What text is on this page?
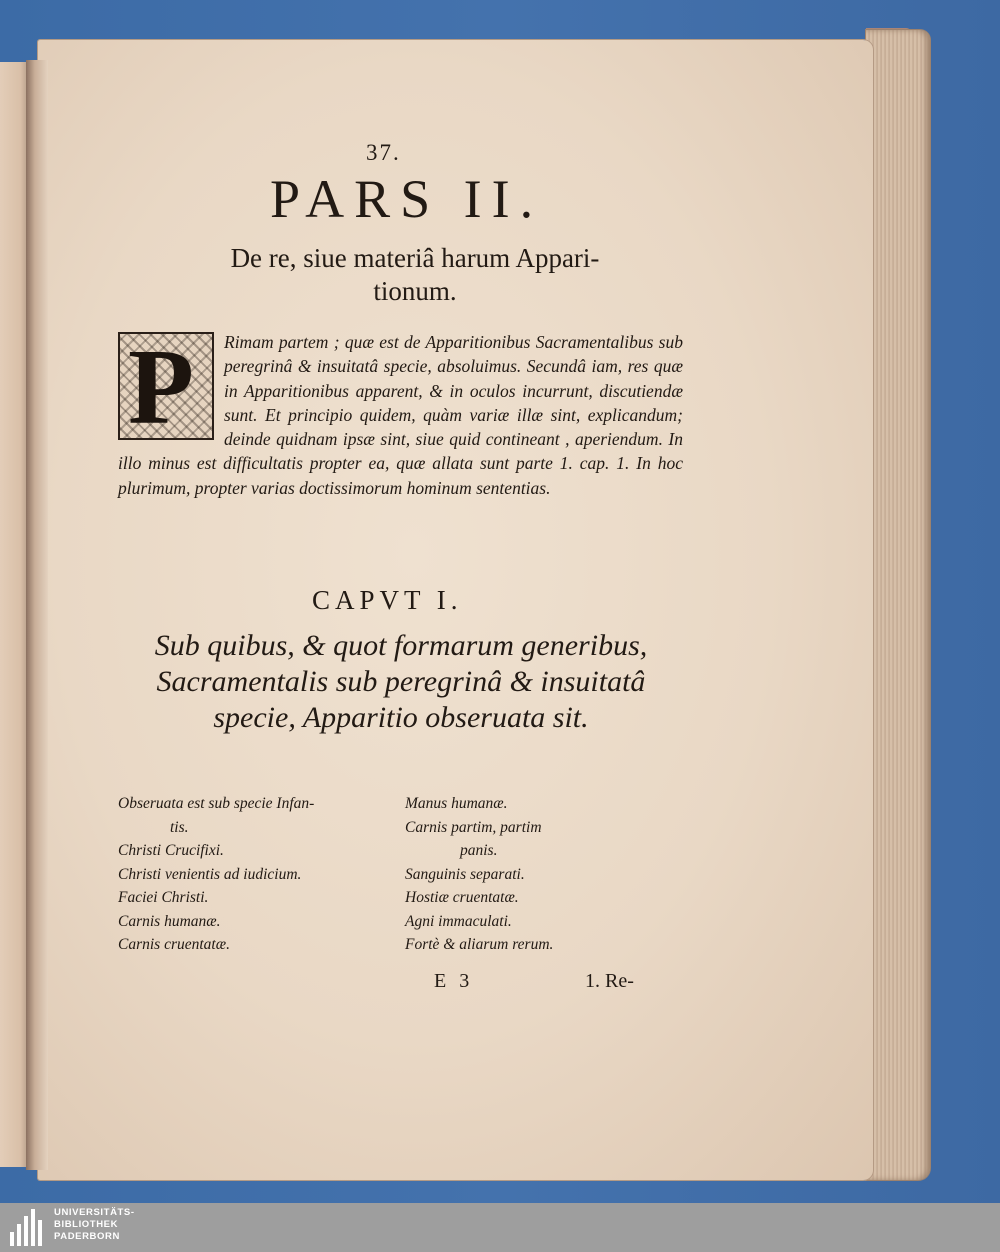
37.
PARS II.
De re, siue materiâ harum Appari-tionum.
P Rimam partem ; quæ est de Apparitionibus Sacramentalibus sub peregrinâ & insuitatâ specie, absoluimus. Secundâ iam, res quæ in Apparitionibus apparent, & in oculos incurrunt, discutiendæ sunt. Et principio quidem, quàm variæ illæ sint, explicandum; deinde quidnam ipsæ sint, siue quid contineant , aperiendum. In illo minus est difficultatis propter ea, quæ allata sunt parte 1. cap. 1. In hoc plurimum, propter varias doctissimorum hominum sententias.
CAPVT I.
Sub quibus, & quot formarum generibus, Sacramentalis sub peregrinâ & insuitatâ specie, Apparitio obseruata sit.
Obseruata est sub specie Infan-
tis.
Christi Crucifixi.
Christi venientis ad iudicium.
Faciei Christi.
Carnis humanæ.
Carnis cruentatæ.
Manus humanæ.
Carnis partim, partim
panis.
Sanguinis separati.
Hostiæ cruentatæ.
Agni immaculati.
Fortè & aliarum rerum.
E 3	1. Re-
UNIVERSITÄTS-
BIBLIOTHEK
PADERBORN
